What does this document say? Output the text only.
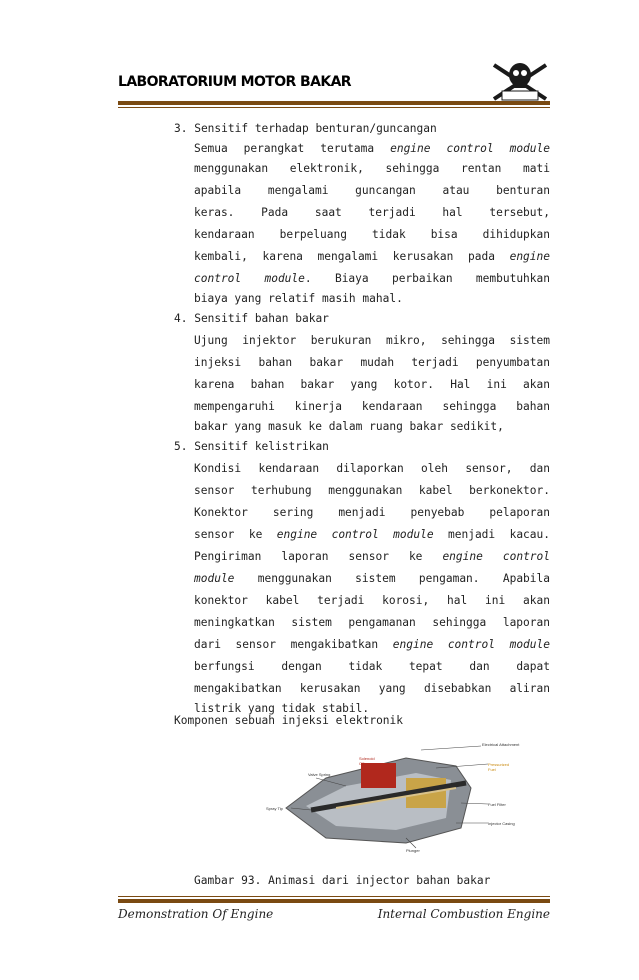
LABORATORIUM MOTOR BAKAR
3. Sensitif terhadap benturan/guncangan
Semua perangkat terutama engine control module
menggunakan elektronik, sehingga rentan mati
apabila mengalami guncangan atau benturan
keras. Pada saat terjadi hal tersebut,
kendaraan berpeluang tidak bisa dihidupkan
kembali, karena mengalami kerusakan pada engine
control module. Biaya perbaikan membutuhkan
biaya yang relatif masih mahal.
4. Sensitif bahan bakar
Ujung injektor berukuran mikro, sehingga sistem
injeksi bahan bakar mudah terjadi penyumbatan
karena bahan bakar yang kotor. Hal ini akan
mempengaruhi kinerja kendaraan sehingga bahan
bakar yang masuk ke dalam ruang bakar sedikit,
5. Sensitif kelistrikan
Kondisi kendaraan dilaporkan oleh sensor, dan
sensor terhubung menggunakan kabel berkonektor.
Konektor sering menjadi penyebab pelaporan
sensor ke engine control module menjadi kacau.
Pengiriman laporan sensor ke engine control
module menggunakan sistem pengaman. Apabila
konektor kabel terjadi korosi, hal ini akan
meningkatkan sistem pengamanan sehingga laporan
dari sensor mengakibatkan engine control module
berfungsi dengan tidak tepat dan dapat
mengakibatkan kerusakan yang disebabkan aliran
listrik yang tidak stabil.
Komponen sebuah injeksi elektronik
Gambar 93. Animasi dari injector bahan bakar
Electrical Attachment
Solenoid
Off	Pressurized
Fuel
Valve Spring
Spray Tip
Fuel Filter
Injector Casing
Plunger
Demonstration Of Engine	Internal Combustion Engine
